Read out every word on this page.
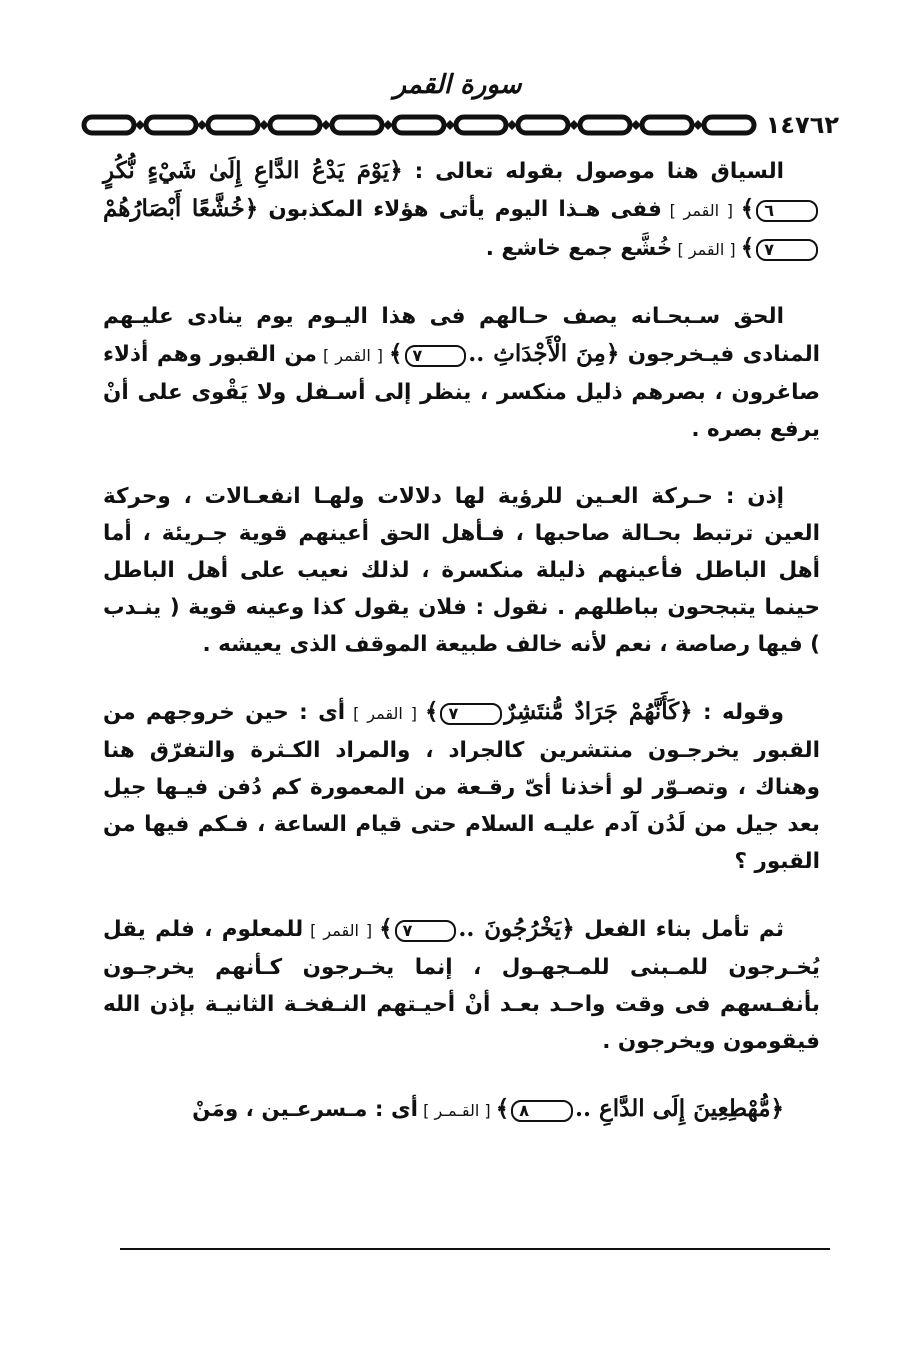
سورة القمر
١٤٧٦٢

السياق هنا موصول بقوله تعالى : ﴿يَوْمَ يَدْعُ الدَّاعِ إِلَىٰ شَيْءٍ نُّكُرٍ٦﴾ [ القمر ] ففى هـذا اليوم يأتى هؤلاء المكذبون ﴿خُشَّعًا أَبْصَارُهُمْ٧﴾ [ القمر ] خُشَّع جمع خاشع .

الحق سـبحـانه يصف حـالهم فى هذا اليـوم يوم ينادى عليـهم المنادى فيـخرجون ﴿مِنَ الْأَجْدَاثِ ..٧﴾ [ القمر ] من القبور وهم أذلاء صاغرون ، بصرهم ذليل منكسر ، ينظر إلى أسـفل ولا يَقْوى على أنْ يرفع بصره .

إذن : حـركة العـين للرؤية لها دلالات ولهـا انفعـالات ، وحركة العين ترتبط بحـالة صاحبها ، فـأهل الحق أعينهم قوية جـريئة ، أما أهل الباطل فأعينهم ذليلة منكسرة ، لذلك نعيب على أهل الباطل حينما يتبجحون بباطلهم . نقول : فلان يقول كذا وعينه قوية ( ينـدب ) فيها رصاصة ، نعم لأنه خالف طبيعة الموقف الذى يعيشه .

وقوله : ﴿كَأَنَّهُمْ جَرَادٌ مُّنتَشِرٌ٧﴾ [ القمر ] أى : حين خروجهم من القبور يخرجـون منتشرين كالجراد ، والمراد الكـثرة والتفرّق هنا وهناك ، وتصـوّر لو أخذنا أىّ رقـعة من المعمورة كم دُفن فيـها جيل بعد جيل من لَدُن آدم عليـه السلام حتى قيام الساعة ، فـكم فيها من القبور ؟

ثم تأمل بناء الفعل ﴿يَخْرُجُونَ ..٧﴾ [ القمر ] للمعلوم ، فلم يقل يُخـرجون للمـبنى للمـجهـول ، إنما يخـرجون كـأنهم يخرجـون بأنفـسهم فى وقت واحـد بعـد أنْ أحيـتهم النـفخـة الثانيـة بإذن الله فيقومون ويخرجون .

﴿مُّهْطِعِينَ إِلَى الدَّاعِ ..٨﴾ [ القـمـر ] أى : مـسرعـين ، ومَنْ
